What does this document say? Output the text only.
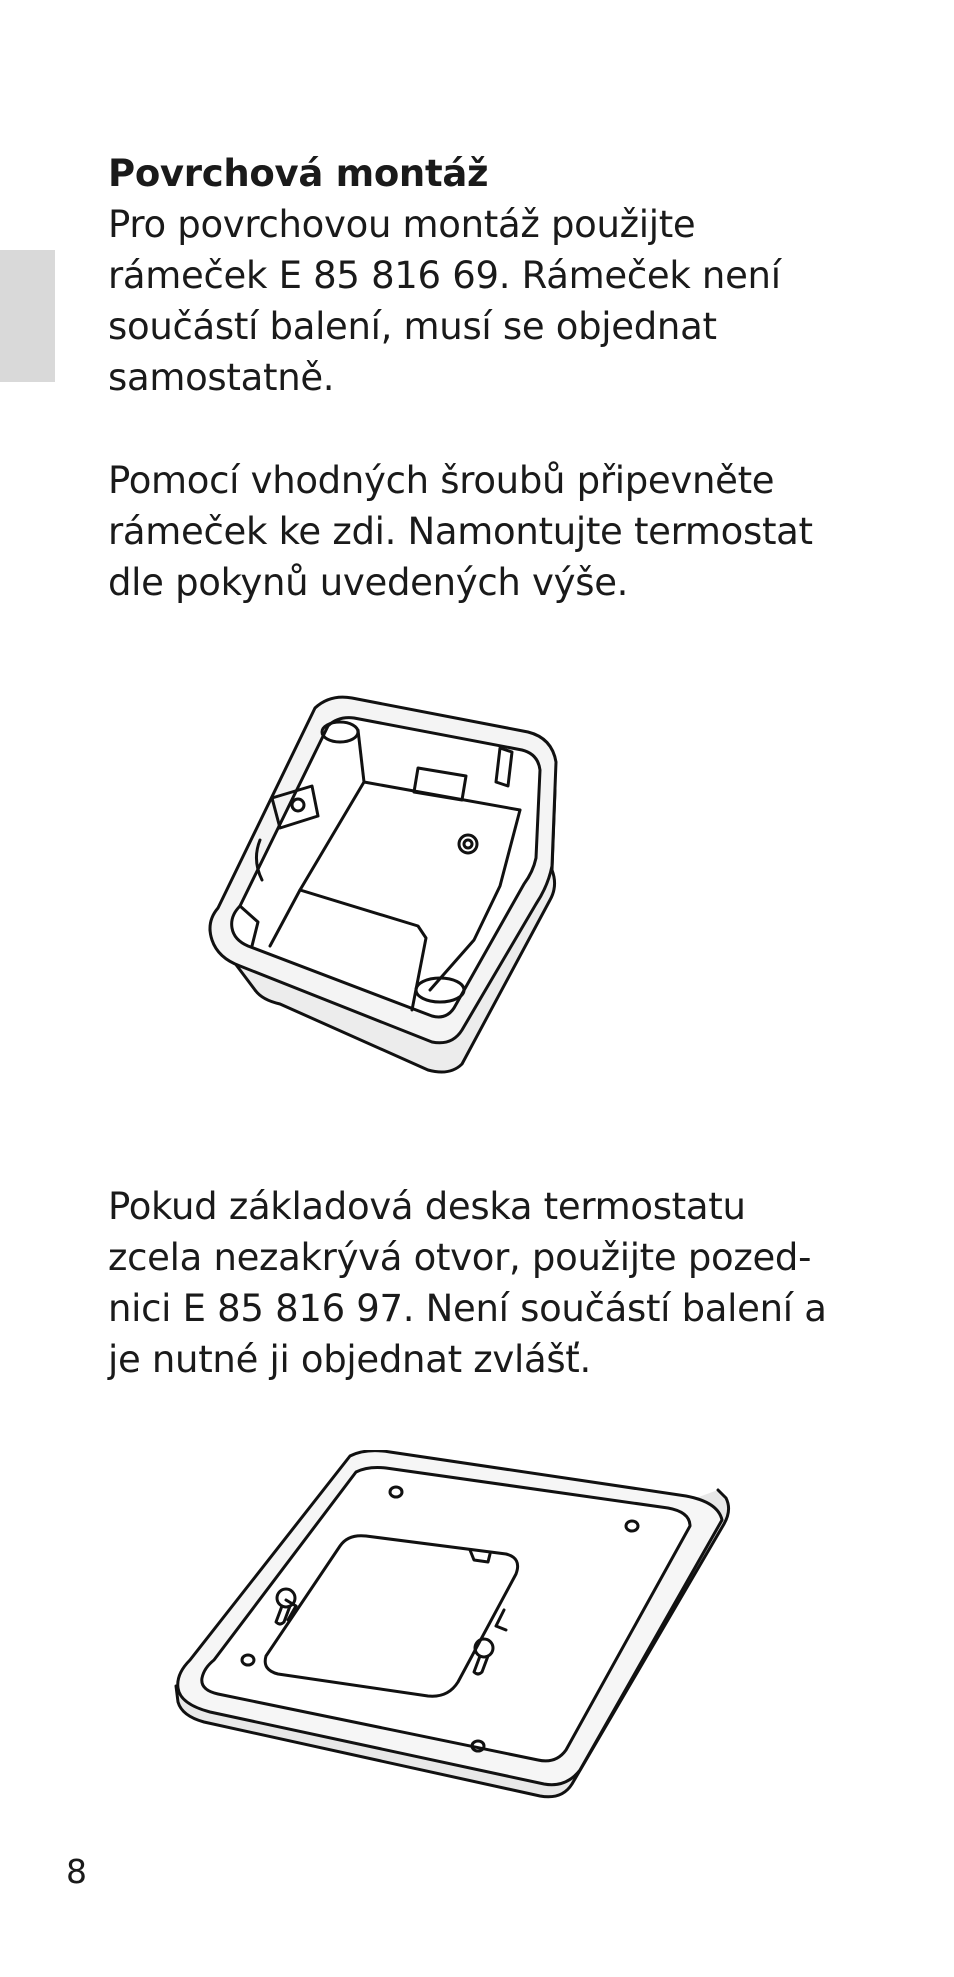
Povrchová montáž

Pro povrchovou montáž použijte

rámeček E 85 816 69. Rámeček není

součástí balení, musí se objednat

samostatně.

Pomocí vhodných šroubů připevněte

rámeček ke zdi. Namontujte termostat

dle pokynů uvedených výše.

Pokud základová deska termostatu

zcela nezakrývá otvor, použijte pozed-

nici E 85 816 97. Není součástí balení a

je nutné ji objednat zvlášť.

8
